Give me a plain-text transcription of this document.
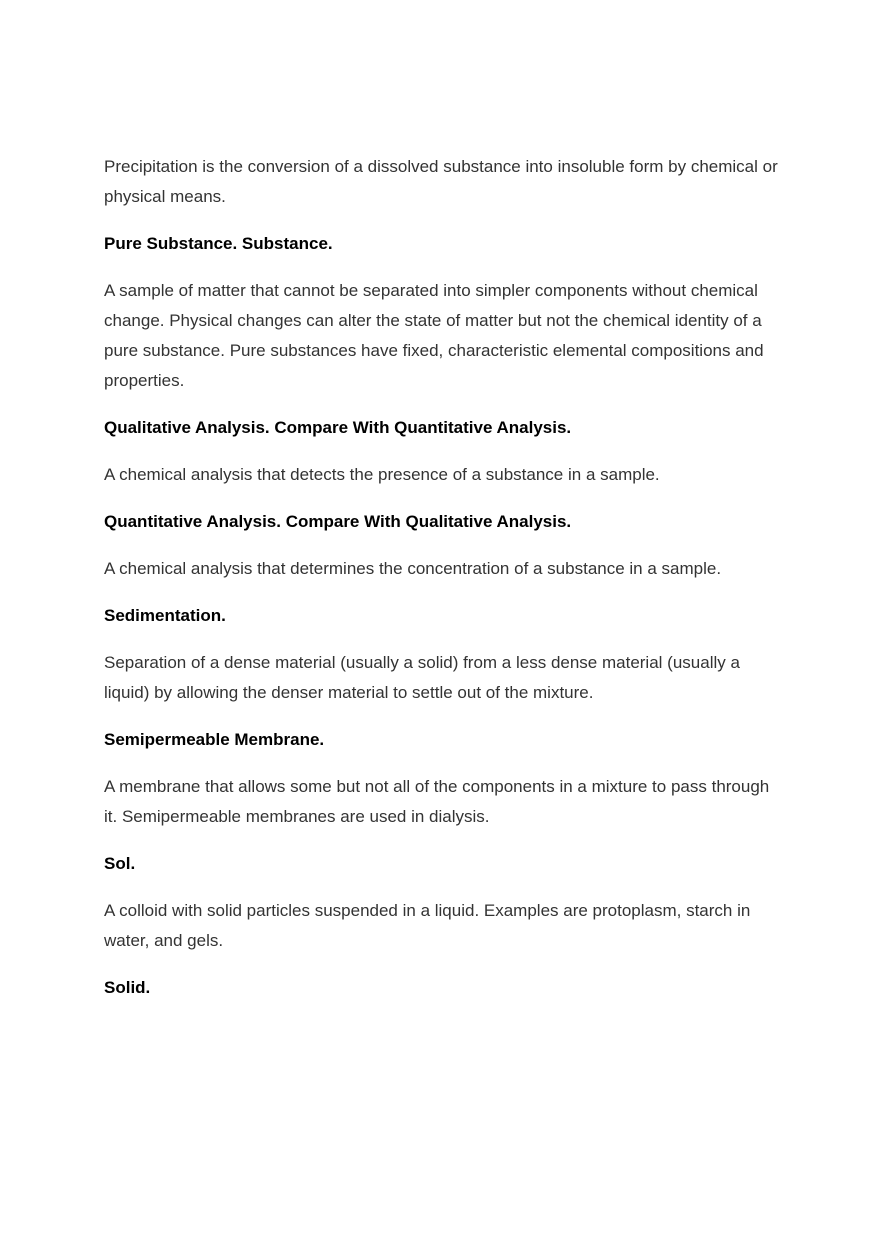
Precipitation is the conversion of a dissolved substance into insoluble form by chemical or physical means.

Pure Substance. Substance.

A sample of matter that cannot be separated into simpler components without chemical change. Physical changes can alter the state of matter but not the chemical identity of a pure substance. Pure substances have fixed, characteristic elemental compositions and properties.

Qualitative Analysis. Compare With Quantitative Analysis.

A chemical analysis that detects the presence of a substance in a sample.

Quantitative Analysis. Compare With Qualitative Analysis.

A chemical analysis that determines the concentration of a substance in a sample.

Sedimentation.

Separation of a dense material (usually a solid) from a less dense material (usually a liquid) by allowing the denser material to settle out of the mixture.

Semipermeable Membrane.

A membrane that allows some but not all of the components in a mixture to pass through it. Semipermeable membranes are used in dialysis.

Sol.

A colloid with solid particles suspended in a liquid. Examples are protoplasm, starch in water, and gels.

Solid.
